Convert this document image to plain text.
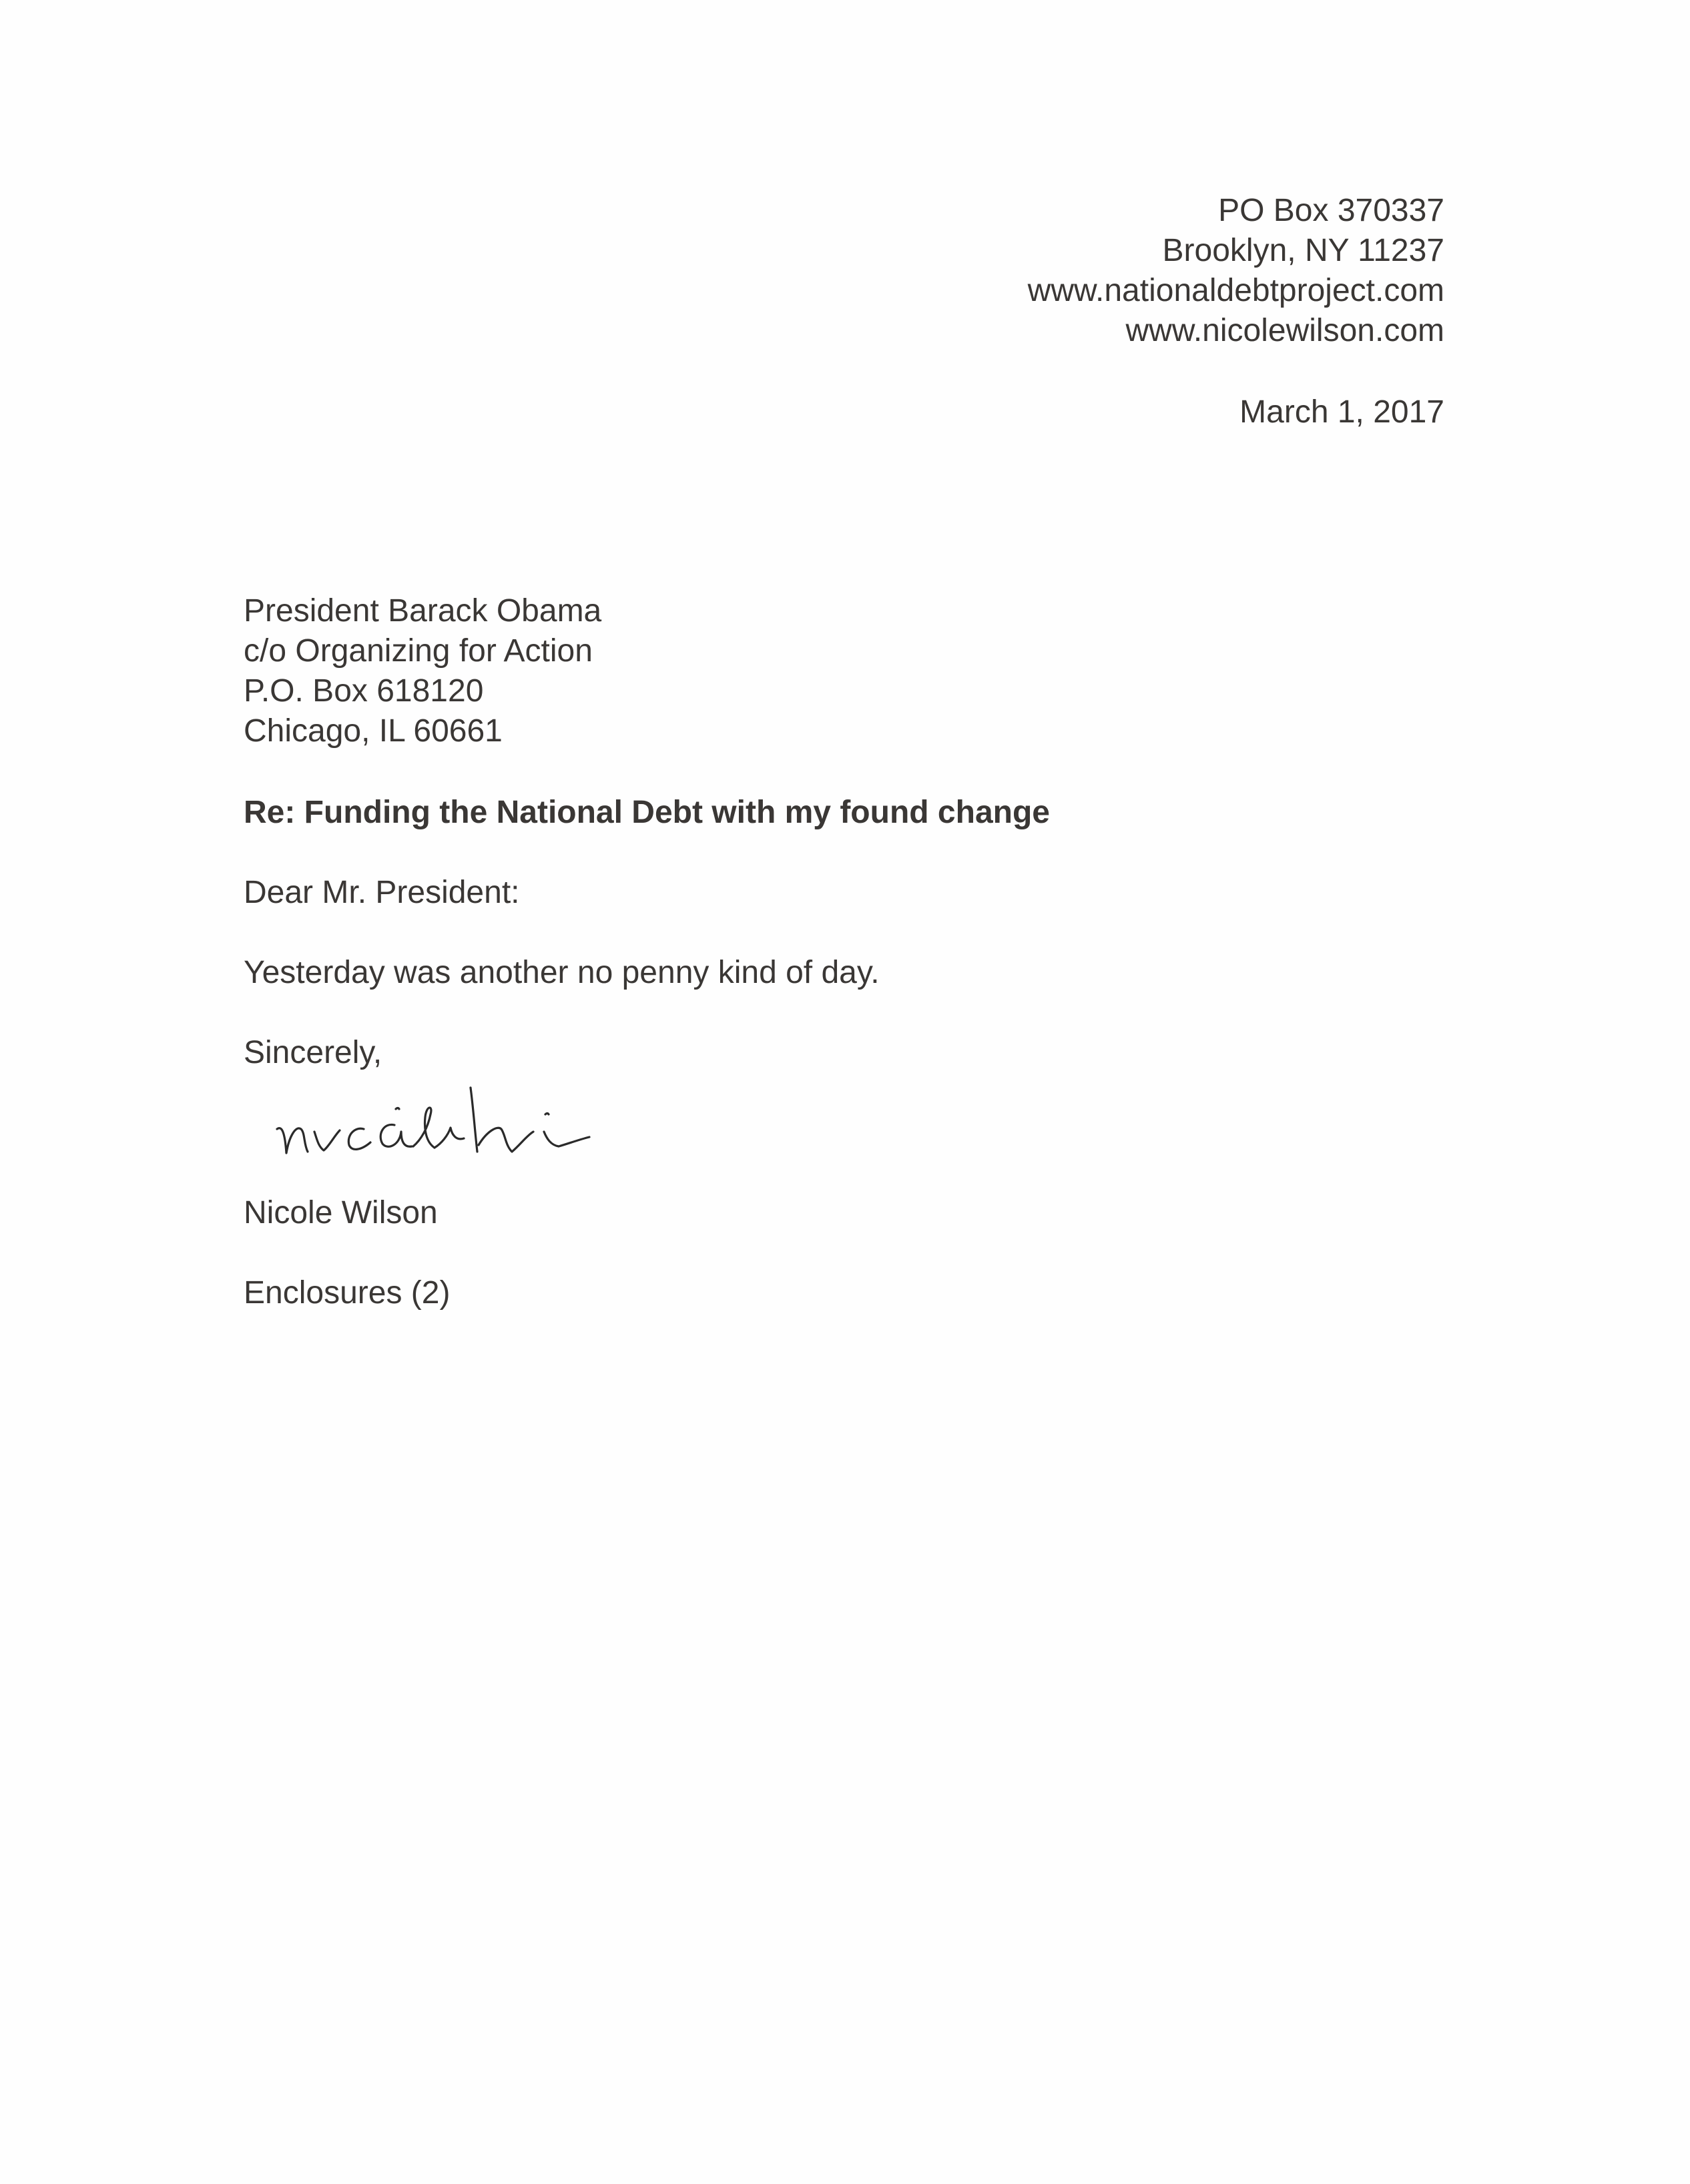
PO Box 370337
Brooklyn, NY 11237
www.nationaldebtproject.com
www.nicolewilson.com
March 1, 2017
President Barack Obama
c/o Organizing for Action
P.O. Box 618120
Chicago, IL 60661
Re: Funding the National Debt with my found change
Dear Mr. President:
Yesterday was another no penny kind of day.
Sincerely,
Nicole Wilson
Enclosures (2)
